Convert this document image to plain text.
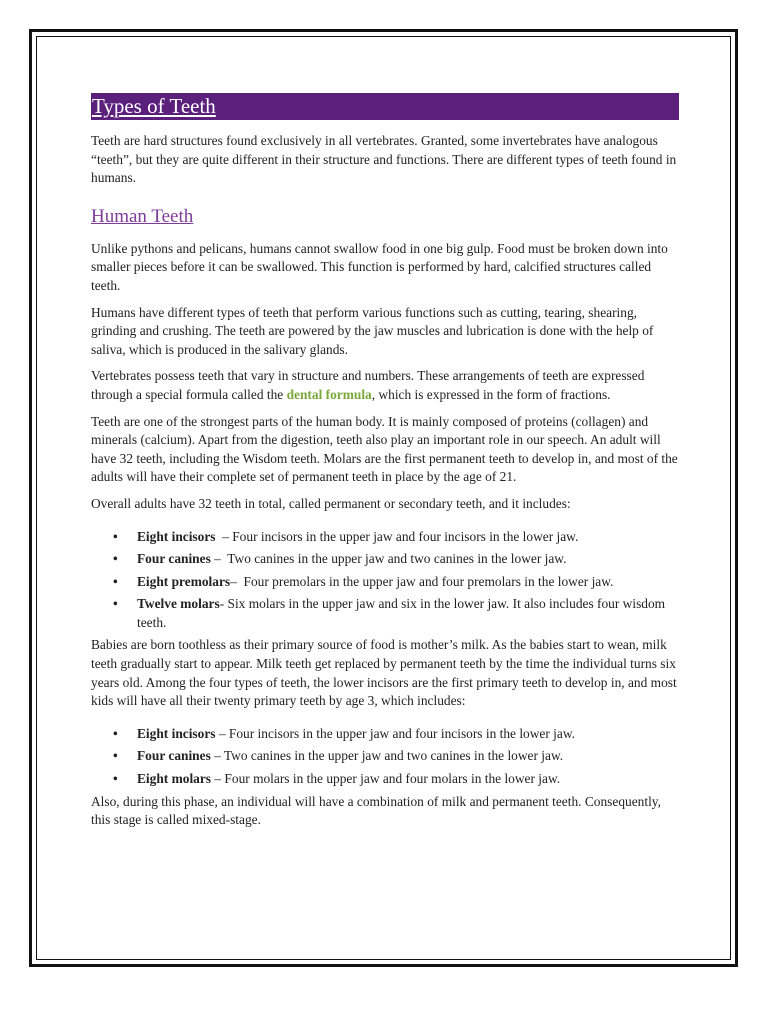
Types of Teeth

Teeth are hard structures found exclusively in all vertebrates. Granted, some invertebrates have analogous “teeth”, but they are quite different in their structure and functions. There are different types of teeth found in humans.

Human Teeth

Unlike pythons and pelicans, humans cannot swallow food in one big gulp. Food must be broken down into smaller pieces before it can be swallowed. This function is performed by hard, calcified structures called teeth.

Humans have different types of teeth that perform various functions such as cutting, tearing, shearing, grinding and crushing. The teeth are powered by the jaw muscles and lubrication is done with the help of saliva, which is produced in the salivary glands.

Vertebrates possess teeth that vary in structure and numbers. These arrangements of teeth are expressed through a special formula called the dental formula, which is expressed in the form of fractions.

Teeth are one of the strongest parts of the human body. It is mainly composed of proteins (collagen) and minerals (calcium). Apart from the digestion, teeth also play an important role in our speech. An adult will have 32 teeth, including the Wisdom teeth. Molars are the first permanent teeth to develop in, and most of the adults will have their complete set of permanent teeth in place by the age of 21.

Overall adults have 32 teeth in total, called permanent or secondary teeth, and it includes:

• Eight incisors  – Four incisors in the upper jaw and four incisors in the lower jaw.
• Four canines –  Two canines in the upper jaw and two canines in the lower jaw.
• Eight premolars–  Four premolars in the upper jaw and four premolars in the lower jaw.
• Twelve molars- Six molars in the upper jaw and six in the lower jaw. It also includes four wisdom teeth.

Babies are born toothless as their primary source of food is mother’s milk. As the babies start to wean, milk teeth gradually start to appear. Milk teeth get replaced by permanent teeth by the time the individual turns six years old. Among the four types of teeth, the lower incisors are the first primary teeth to develop in, and most kids will have all their twenty primary teeth by age 3, which includes:

• Eight incisors – Four incisors in the upper jaw and four incisors in the lower jaw.
• Four canines – Two canines in the upper jaw and two canines in the lower jaw.
• Eight molars – Four molars in the upper jaw and four molars in the lower jaw.

Also, during this phase, an individual will have a combination of milk and permanent teeth. Consequently, this stage is called mixed-stage.
